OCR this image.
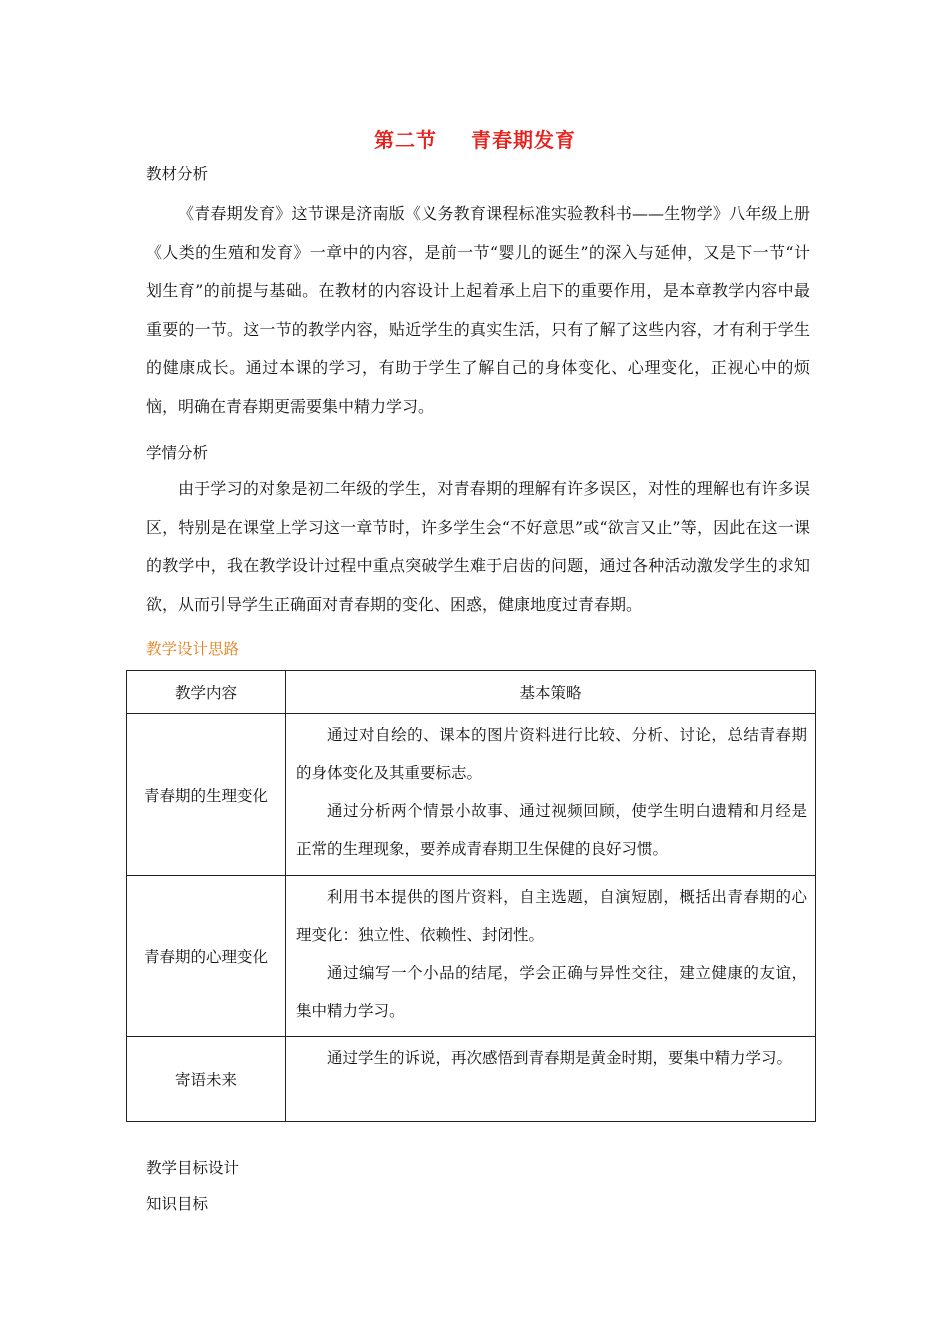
第二节 青春期发育
教材分析

《青春期发育》这节课是济南版《义务教育课程标准实验教科书——生物学》八年级上册《人类的生殖和发育》一章中的内容，是前一节“婴儿的诞生”的深入与延伸，又是下一节“计划生育”的前提与基础。在教材的内容设计上起着承上启下的重要作用，是本章教学内容中最重要的一节。这一节的教学内容，贴近学生的真实生活，只有了解了这些内容，才有利于学生的健康成长。通过本课的学习，有助于学生了解自己的身体变化、心理变化，正视心中的烦恼，明确在青春期更需要集中精力学习。

学情分析

由于学习的对象是初二年级的学生，对青春期的理解有许多误区，对性的理解也有许多误区，特别是在课堂上学习这一章节时，许多学生会“不好意思”或“欲言又止”等，因此在这一课的教学中，我在教学设计过程中重点突破学生难于启齿的问题，通过各种活动激发学生的求知欲，从而引导学生正确面对青春期的变化、困惑，健康地度过青春期。

教学设计思路
教学内容	基本策略
青春期的生理变化	通过对自绘的、课本的图片资料进行比较、分析、讨论，总结青春期的身体变化及其重要标志。

通过分析两个情景小故事、通过视频回顾，使学生明白遗精和月经是正常的生理现象，要养成青春期卫生保健的良好习惯。

青春期的心理变化	利用书本提供的图片资料，自主选题，自演短剧，概括出青春期的心理变化：独立性、依赖性、封闭性。

通过编写一个小品的结尾，学会正确与异性交往，建立健康的友谊，集中精力学习。

寄语未来	通过学生的诉说，再次感悟到青春期是黄金时期，要集中精力学习。

教学目标设计
知识目标
